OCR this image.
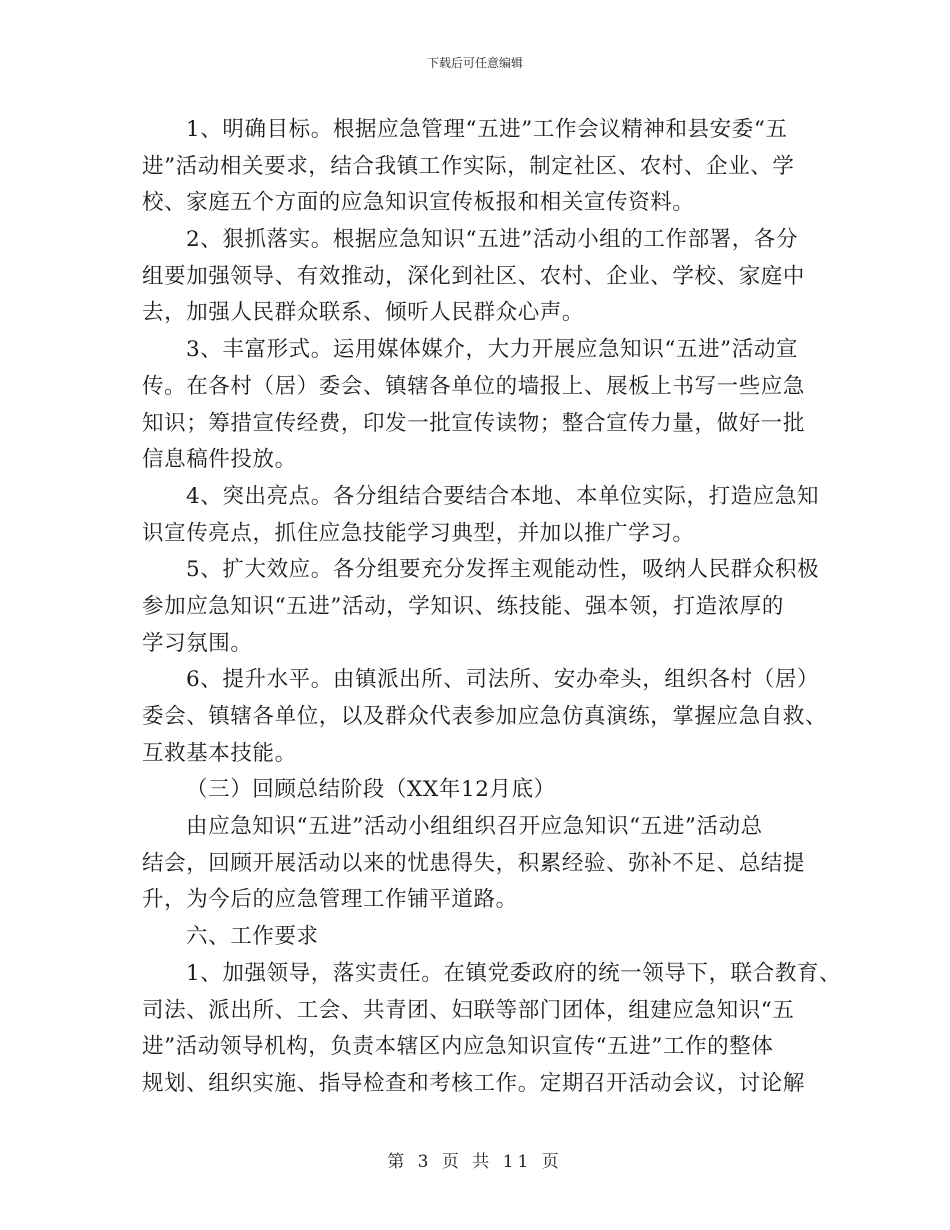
下载后可任意编辑
1、明确目标。根据应急管理“五进”工作会议精神和县安委“五
进”活动相关要求，结合我镇工作实际，制定社区、农村、企业、学
校、家庭五个方面的应急知识宣传板报和相关宣传资料。
2、狠抓落实。根据应急知识“五进”活动小组的工作部署，各分
组要加强领导、有效推动，深化到社区、农村、企业、学校、家庭中
去，加强人民群众联系、倾听人民群众心声。
3、丰富形式。运用媒体媒介，大力开展应急知识“五进”活动宣
传。在各村（居）委会、镇辖各单位的墙报上、展板上书写一些应急
知识；筹措宣传经费，印发一批宣传读物；整合宣传力量，做好一批
信息稿件投放。
4、突出亮点。各分组结合要结合本地、本单位实际，打造应急知
识宣传亮点，抓住应急技能学习典型，并加以推广学习。
5、扩大效应。各分组要充分发挥主观能动性，吸纳人民群众积极
参加应急知识“五进”活动，学知识、练技能、强本领，打造浓厚的
学习氛围。
6、提升水平。由镇派出所、司法所、安办牵头，组织各村（居）
委会、镇辖各单位，以及群众代表参加应急仿真演练，掌握应急自救、
互救基本技能。
（三）回顾总结阶段（XX年12月底）
由应急知识“五进”活动小组组织召开应急知识“五进”活动总
结会，回顾开展活动以来的忧患得失，积累经验、弥补不足、总结提
升，为今后的应急管理工作铺平道路。
六、工作要求
1、加强领导，落实责任。在镇党委政府的统一领导下，联合教育、
司法、派出所、工会、共青团、妇联等部门团体，组建应急知识“五
进”活动领导机构，负责本辖区内应急知识宣传“五进”工作的整体
规划、组织实施、指导检查和考核工作。定期召开活动会议，讨论解
第 3 页 共 11 页
